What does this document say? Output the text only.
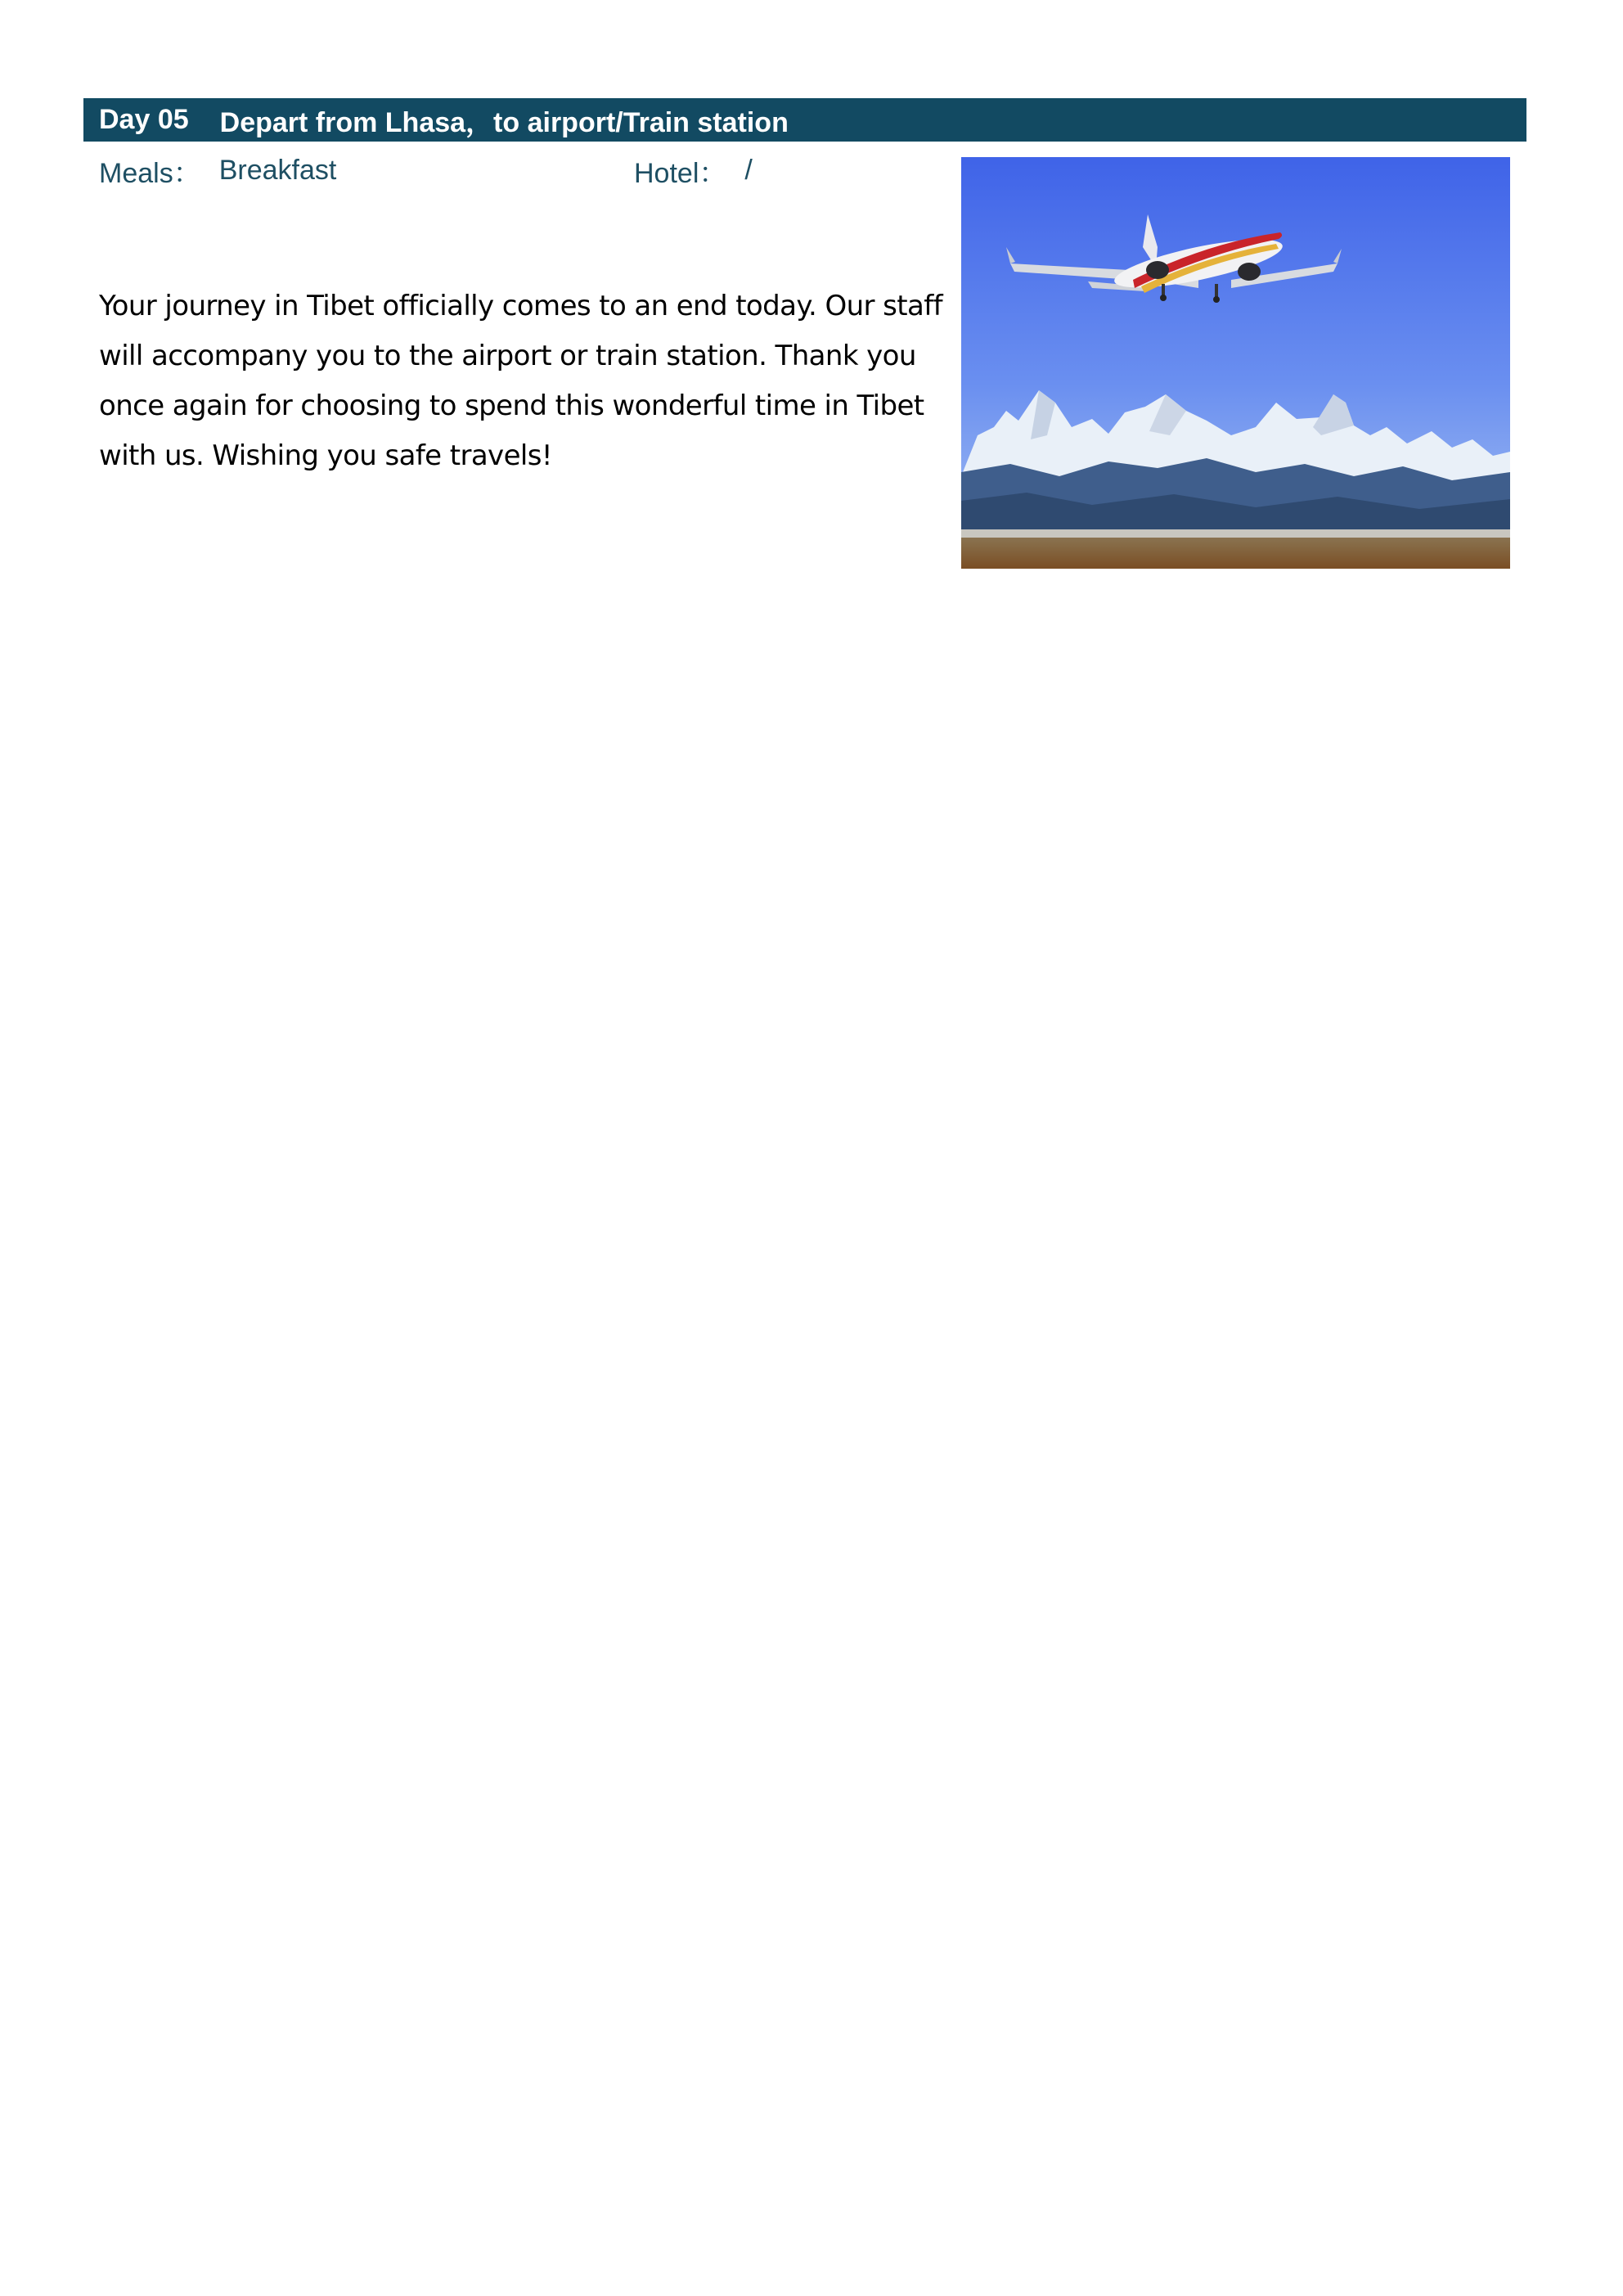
Day 05 Depart from Lhasa，to airport/Train station
Meals： Breakfast	Hotel： /
Your journey in Tibet officially comes to an end today. Our staff will accompany you to the airport or train station. Thank you once again for choosing to spend this wonderful time in Tibet with us. Wishing you safe travels!
